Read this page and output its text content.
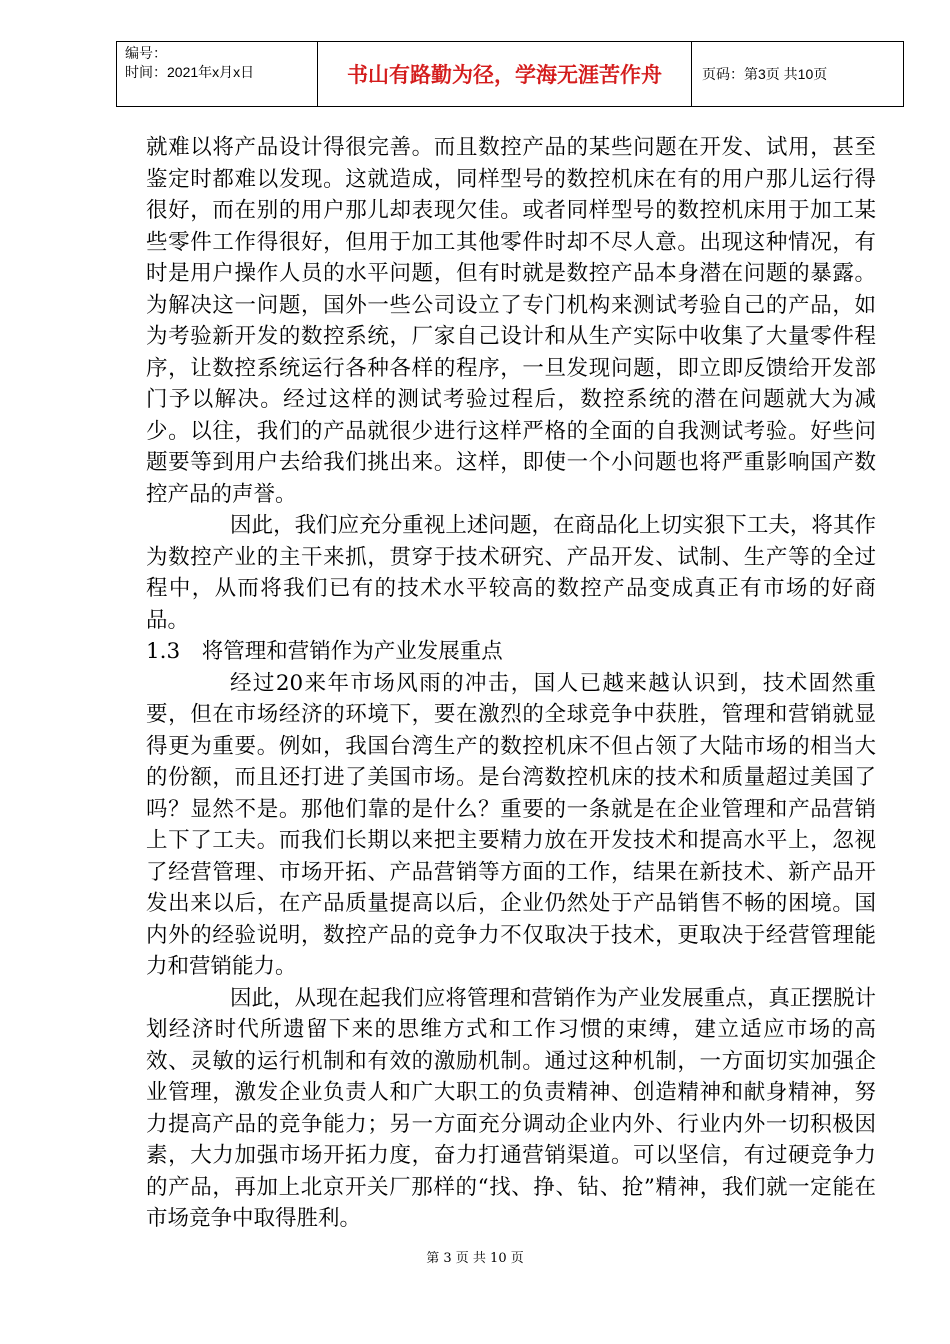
编号：
时间：2021年x月x日	书山有路勤为径，学海无涯苦作舟	页码：第3页 共10页

就难以将产品设计得很完善。而且数控产品的某些问题在开发、试用，甚至鉴定时都难以发现。这就造成，同样型号的数控机床在有的用户那儿运行得很好，而在别的用户那儿却表现欠佳。或者同样型号的数控机床用于加工某些零件工作得很好，但用于加工其他零件时却不尽人意。出现这种情况，有时是用户操作人员的水平问题，但有时就是数控产品本身潜在问题的暴露。为解决这一问题，国外一些公司设立了专门机构来测试考验自己的产品，如为考验新开发的数控系统，厂家自己设计和从生产实际中收集了大量零件程序，让数控系统运行各种各样的程序，一旦发现问题，即立即反馈给开发部门予以解决。经过这样的测试考验过程后，数控系统的潜在问题就大为减少。以往，我们的产品就很少进行这样严格的全面的自我测试考验。好些问题要等到用户去给我们挑出来。这样，即使一个小问题也将严重影响国产数控产品的声誉。

因此，我们应充分重视上述问题，在商品化上切实狠下工夫，将其作为数控产业的主干来抓，贯穿于技术研究、产品开发、试制、生产等的全过程中，从而将我们已有的技术水平较高的数控产品变成真正有市场的好商品。

1.3　将管理和营销作为产业发展重点

经过20来年市场风雨的冲击，国人已越来越认识到，技术固然重要，但在市场经济的环境下，要在激烈的全球竞争中获胜，管理和营销就显得更为重要。例如，我国台湾生产的数控机床不但占领了大陆市场的相当大的份额，而且还打进了美国市场。是台湾数控机床的技术和质量超过美国了吗？显然不是。那他们靠的是什么？重要的一条就是在企业管理和产品营销上下了工夫。而我们长期以来把主要精力放在开发技术和提高水平上，忽视了经营管理、市场开拓、产品营销等方面的工作，结果在新技术、新产品开发出来以后，在产品质量提高以后，企业仍然处于产品销售不畅的困境。国内外的经验说明，数控产品的竞争力不仅取决于技术，更取决于经营管理能力和营销能力。

因此，从现在起我们应将管理和营销作为产业发展重点，真正摆脱计划经济时代所遗留下来的思维方式和工作习惯的束缚，建立适应市场的高效、灵敏的运行机制和有效的激励机制。通过这种机制，一方面切实加强企业管理，激发企业负责人和广大职工的负责精神、创造精神和献身精神，努力提高产品的竞争能力；另一方面充分调动企业内外、行业内外一切积极因素，大力加强市场开拓力度，奋力打通营销渠道。可以坚信，有过硬竞争力的产品，再加上北京开关厂那样的“找、挣、钻、抢”精神，我们就一定能在市场竞争中取得胜利。

第 3 页 共 10 页
